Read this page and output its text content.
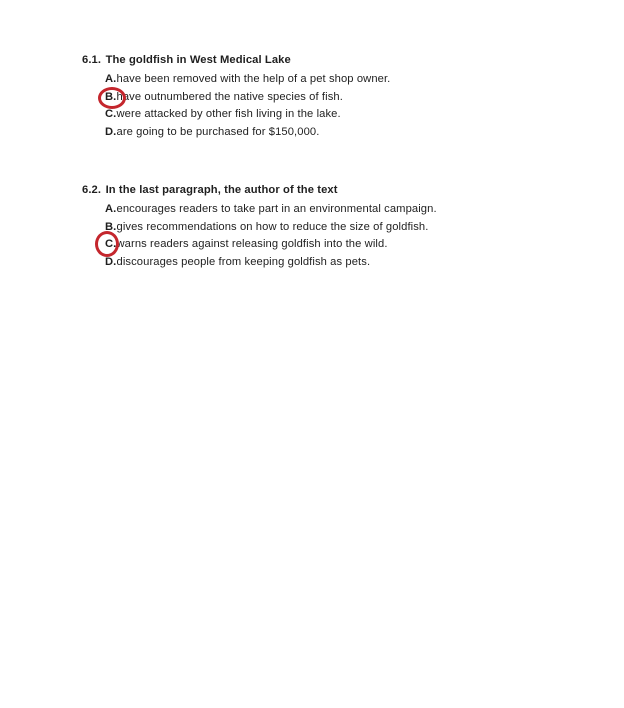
6.1. The goldfish in West Medical Lake
A. have been removed with the help of a pet shop owner.
B. have outnumbered the native species of fish.
C. were attacked by other fish living in the lake.
D. are going to be purchased for $150,000.
6.2. In the last paragraph, the author of the text
A. encourages readers to take part in an environmental campaign.
B. gives recommendations on how to reduce the size of goldfish.
C. warns readers against releasing goldfish into the wild.
D. discourages people from keeping goldfish as pets.
